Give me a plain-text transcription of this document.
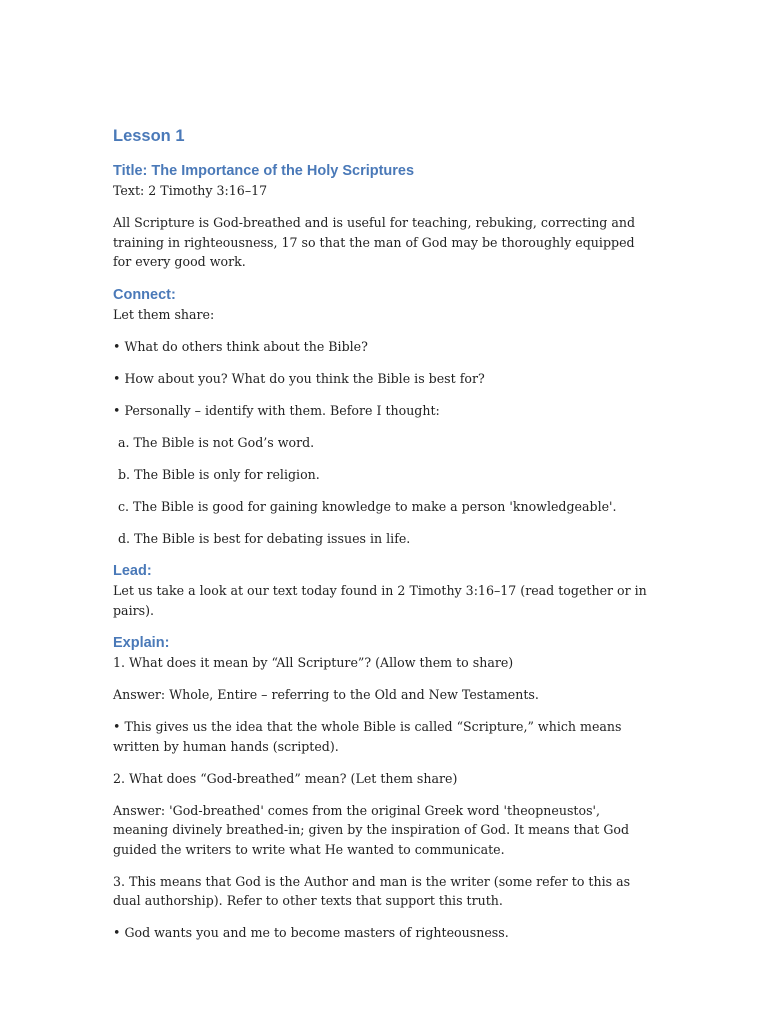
Lesson 1
Title: The Importance of the Holy Scriptures

Text: 2 Timothy 3:16–17

All Scripture is God-breathed and is useful for teaching, rebuking, correcting and training in righteousness, 17 so that the man of God may be thoroughly equipped for every good work.

Connect:

Let them share:

• What do others think about the Bible?

• How about you? What do you think the Bible is best for?

• Personally – identify with them. Before I thought:

a. The Bible is not God’s word.

b. The Bible is only for religion.

c. The Bible is good for gaining knowledge to make a person 'knowledgeable'.

d. The Bible is best for debating issues in life.

Lead:

Let us take a look at our text today found in 2 Timothy 3:16–17 (read together or in pairs).

Explain:

1. What does it mean by “All Scripture”? (Allow them to share)

Answer: Whole, Entire – referring to the Old and New Testaments.

• This gives us the idea that the whole Bible is called “Scripture,” which means written by human hands (scripted).

2. What does “God-breathed” mean? (Let them share)

Answer: 'God-breathed' comes from the original Greek word 'theopneustos', meaning divinely breathed-in; given by the inspiration of God. It means that God guided the writers to write what He wanted to communicate.

3. This means that God is the Author and man is the writer (some refer to this as dual authorship). Refer to other texts that support this truth.

• God wants you and me to become masters of righteousness.
